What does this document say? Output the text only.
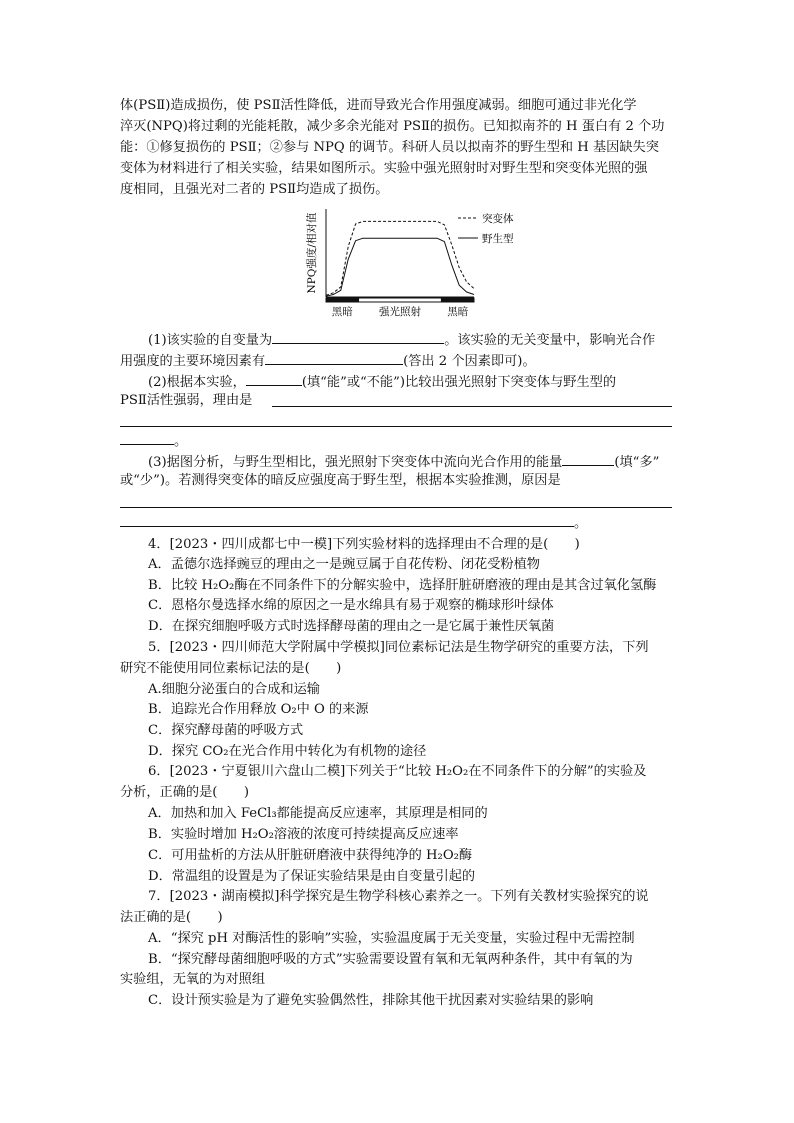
体(PSⅡ)造成损伤，使 PSⅡ活性降低，进而导致光合作用强度减弱。细胞可通过非光化学
淬灭(NPQ)将过剩的光能耗散，减少多余光能对 PSⅡ的损伤。已知拟南芥的 H 蛋白有 2 个功
能：①修复损伤的 PSⅡ；②参与 NPQ 的调节。科研人员以拟南芥的野生型和 H 基因缺失突
变体为材料进行了相关实验，结果如图所示。实验中强光照射时对野生型和突变体光照的强
度相同，且强光对二者的 PSⅡ均造成了损伤。
NPQ强度/相对值
黑暗 强光照射 黑暗
突变体
野生型
(1)该实验的自变量为	。该实验的无关变量中，影响光合作
用强度的主要环境因素有	(答出 2 个因素即可)。
(2)根据本实验，	(填“能”或“不能”)比较出强光照射下突变体与野生型的
PSⅡ活性强弱，理由是
。
(3)据图分析，与野生型相比，强光照射下突变体中流向光合作用的能量	(填“多”
或“少”)。若测得突变体的暗反应强度高于野生型，根据本实验推测，原因是
。
4．[2023・四川成都七中一模]下列实验材料的选择理由不合理的是(　　)
A．孟德尔选择豌豆的理由之一是豌豆属于自花传粉、闭花受粉植物
B．比较 H₂O₂酶在不同条件下的分解实验中，选择肝脏研磨液的理由是其含过氧化氢酶
C．恩格尔曼选择水绵的原因之一是水绵具有易于观察的椭球形叶绿体
D．在探究细胞呼吸方式时选择酵母菌的理由之一是它属于兼性厌氧菌
5．[2023・四川师范大学附属中学模拟]同位素标记法是生物学研究的重要方法，下列
研究不能使用同位素标记法的是(　　)
A.细胞分泌蛋白的合成和运输
B．追踪光合作用释放 O₂中 O 的来源
C．探究酵母菌的呼吸方式
D．探究 CO₂在光合作用中转化为有机物的途径
6．[2023・宁夏银川六盘山二模]下列关于“比较 H₂O₂在不同条件下的分解”的实验及
分析，正确的是(　　)
A．加热和加入 FeCl₃都能提高反应速率，其原理是相同的
B．实验时增加 H₂O₂溶液的浓度可持续提高反应速率
C．可用盐析的方法从肝脏研磨液中获得纯净的 H₂O₂酶
D．常温组的设置是为了保证实验结果是由自变量引起的
7．[2023・湖南模拟]科学探究是生物学科核心素养之一。下列有关教材实验探究的说
法正确的是(　　)
A．“探究 pH 对酶活性的影响”实验，实验温度属于无关变量，实验过程中无需控制
B．“探究酵母菌细胞呼吸的方式”实验需要设置有氧和无氧两种条件，其中有氧的为
实验组，无氧的为对照组
C．设计预实验是为了避免实验偶然性，排除其他干扰因素对实验结果的影响
